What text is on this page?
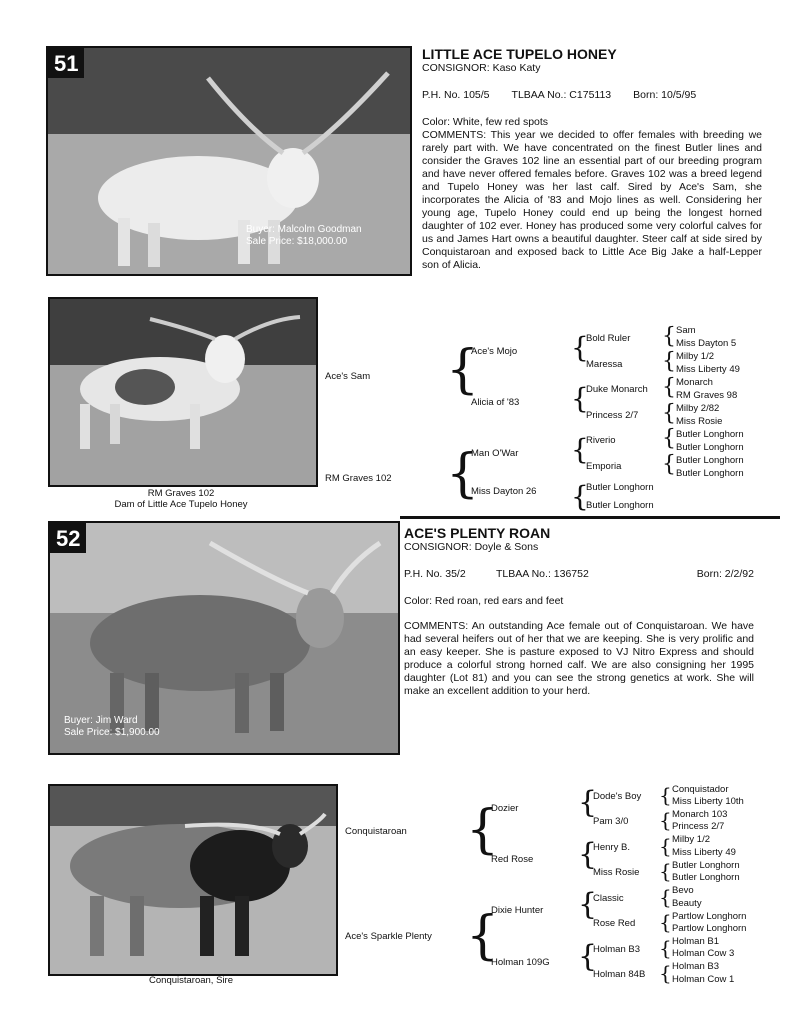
51
Buyer: Malcolm Goodman
Sale Price: $18,000.00
LITTLE ACE TUPELO HONEY
CONSIGNOR: Kaso Katy
P.H. No. 105/5 TLBAA No.: C175113 Born: 10/5/95
Color: White, few red spots
COMMENTS: This year we decided to offer females with breeding we rarely part with. We have concentrated on the finest Butler lines and consider the Graves 102 line an essential part of our breeding program and have never offered females before. Graves 102 was a breed legend and Tupelo Honey was her last calf. Sired by Ace's Sam, she incorporates the Alicia of '83 and Mojo lines as well. Considering her young age, Tupelo Honey could end up being the longest horned daughter of 102 ever. Honey has produced some very colorful calves for us and James Hart owns a beautiful daughter. Steer calf at side sired by Conquistaroan and exposed back to Little Ace Big Jake a half-Lepper son of Alicia.
RM Graves 102
Dam of Little Ace Tupelo Honey
Ace's Sam
RM Graves 102
{
{
Ace's Mojo
Alicia of '83
Man O'War
Miss Dayton 26
{
{
{
{
Bold Ruler
Maressa
Duke Monarch
Princess 2/7
Riverio
Emporia
Butler Longhorn
Butler Longhorn
{
{
{
{
{
{
Sam
Miss Dayton 5
Milby 1/2
Miss Liberty 49
Monarch
RM Graves 98
Milby 2/82
Miss Rosie
Butler Longhorn
Butler Longhorn
Butler Longhorn
Butler Longhorn
52
Buyer: Jim Ward
Sale Price: $1,900.00
ACE'S PLENTY ROAN
CONSIGNOR: Doyle & Sons
P.H. No. 35/2	TLBAA No.: 136752	Born: 2/2/92
Color: Red roan, red ears and feet
COMMENTS: An outstanding Ace female out of Conquistaroan. We have had several heifers out of her that we are keeping. She is very prolific and an easy keeper. She is pasture exposed to VJ Nitro Express and should produce a colorful strong horned calf. We are also consigning her 1995 daughter (Lot 81) and you can see the strong genetics at work. She will make an excellent addition to your herd.
Conquistaroan, Sire
Conquistaroan
Ace's Sparkle Plenty
{
{
Dozier
Red Rose
Dixie Hunter
Holman 109G
{
{
{
{
Dode's Boy
Pam 3/0
Henry B.
Miss Rosie
Classic
Rose Red
Holman B3
Holman 84B
{
{
{
{
{
{
{
{
Conquistador
Miss Liberty 10th
Monarch 103
Princess 2/7
Milby 1/2
Miss Liberty 49
Butler Longhorn
Butler Longhorn
Bevo
Beauty
Partlow Longhorn
Partlow Longhorn
Holman B1
Holman Cow 3
Holman B3
Holman Cow 1
